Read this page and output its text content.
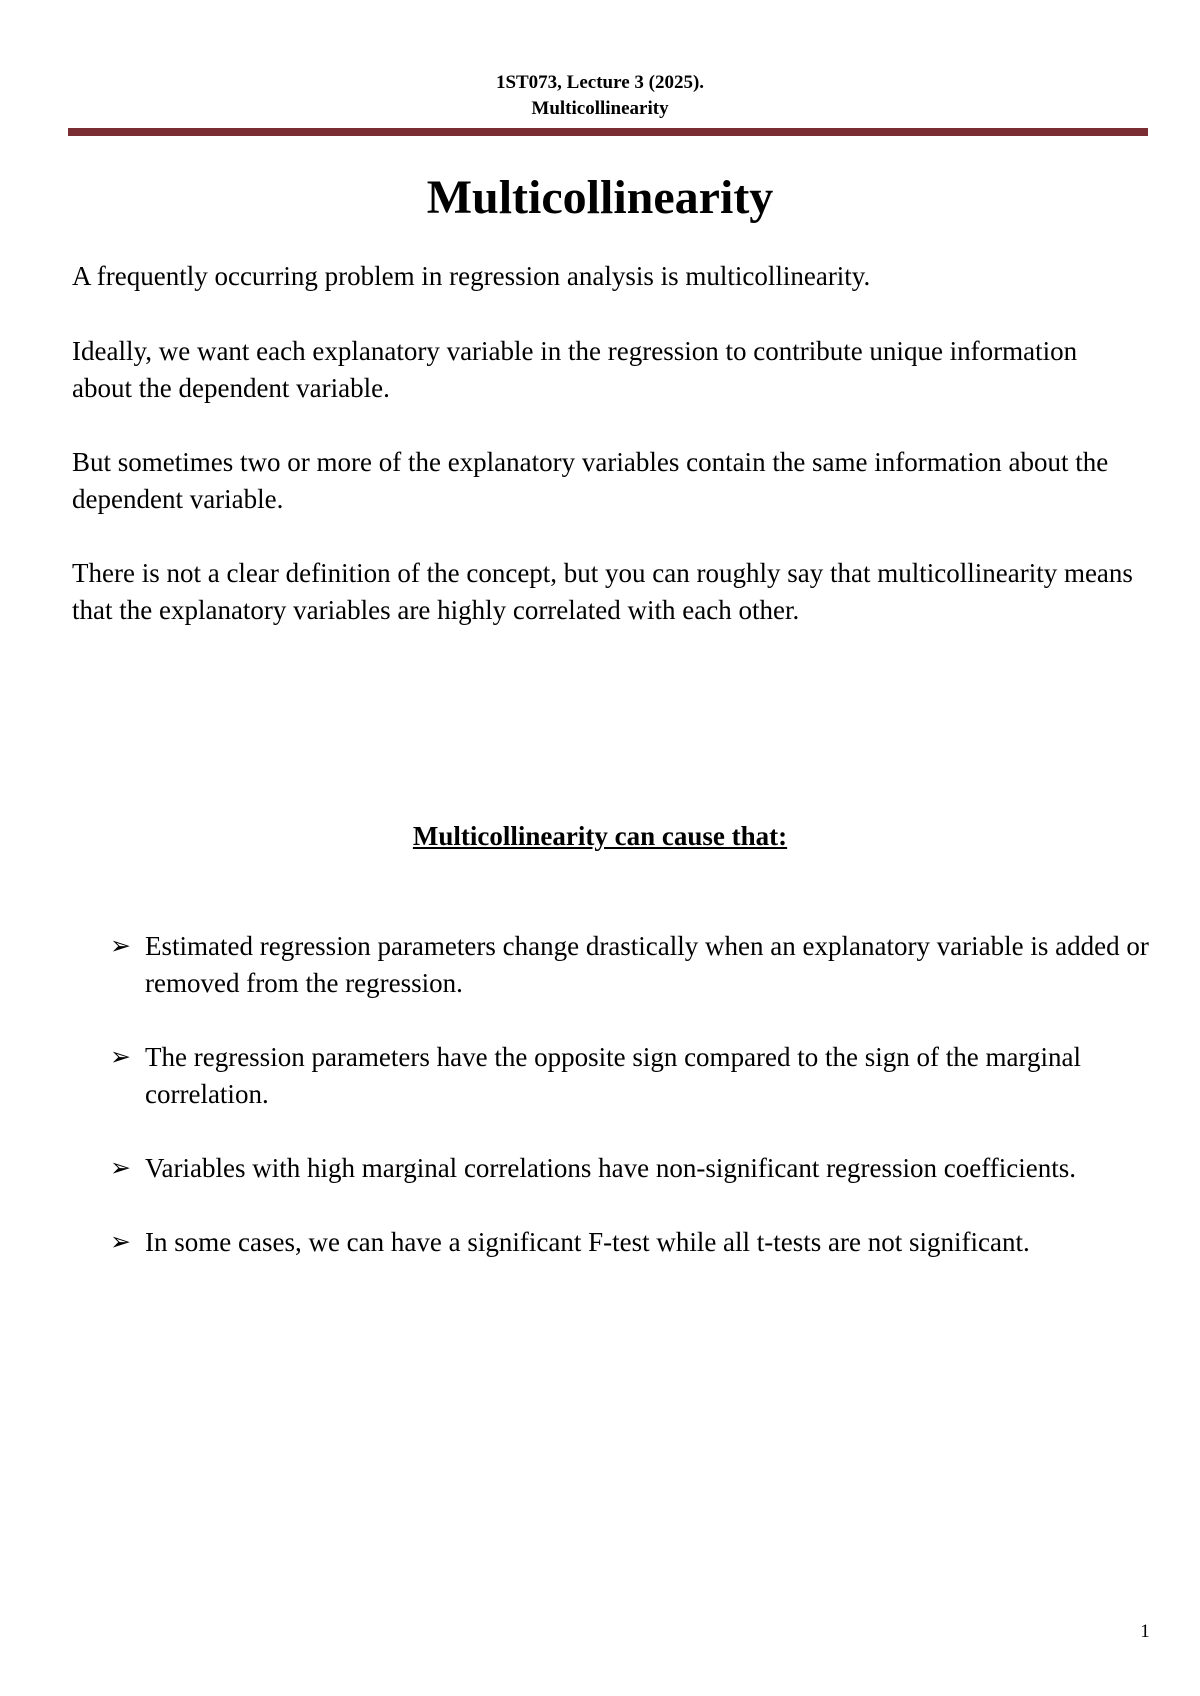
1ST073, Lecture 3 (2025).
Multicollinearity
Multicollinearity

A frequently occurring problem in regression analysis is multicollinearity.

Ideally, we want each explanatory variable in the regression to contribute unique information about the dependent variable.

But sometimes two or more of the explanatory variables contain the same information about the dependent variable.

There is not a clear definition of the concept, but you can roughly say that multicollinearity means that the explanatory variables are highly correlated with each other.

Multicollinearity can cause that:
➢ Estimated regression parameters change drastically when an explanatory variable is added or removed from the regression.
➢ The regression parameters have the opposite sign compared to the sign of the marginal correlation.
➢ Variables with high marginal correlations have non-significant regression coefficients.
➢ In some cases, we can have a significant F-test while all t-tests are not significant.
1
